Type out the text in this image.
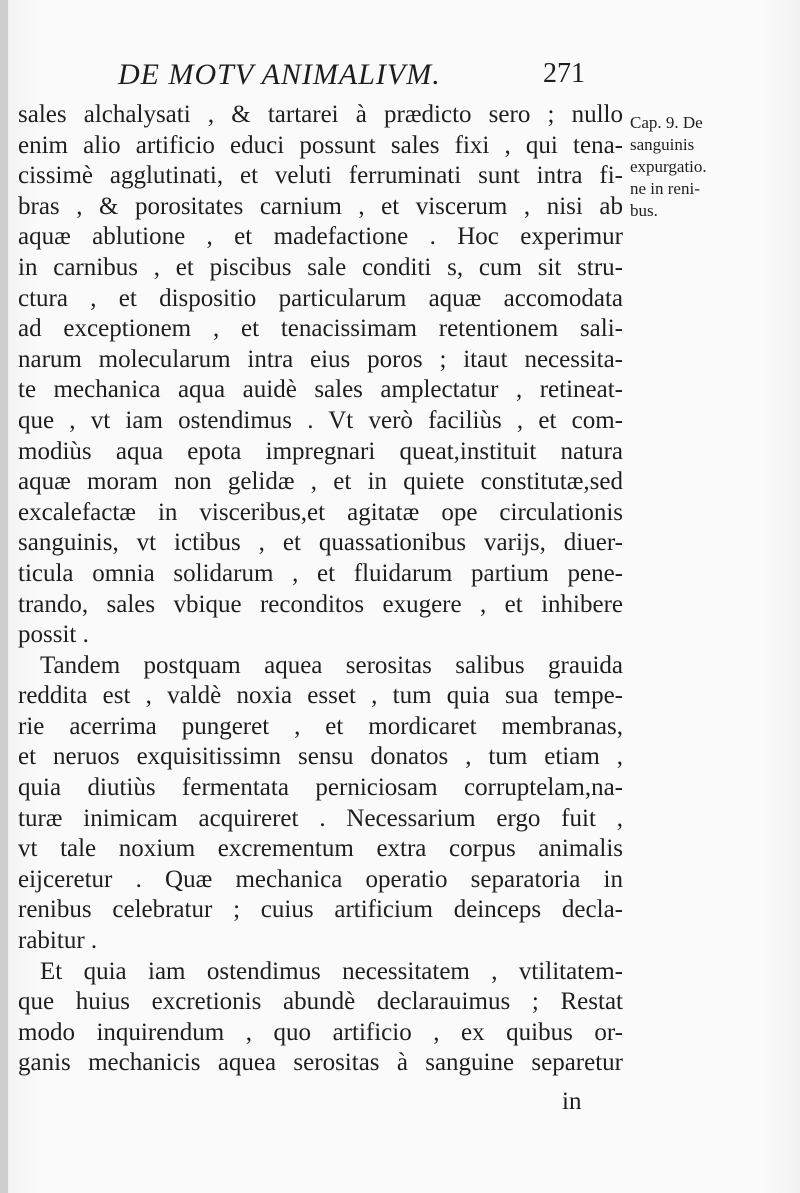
DE MOTV ANIMALIVM.	271
Cap. 9. De
sanguinis
expurgatio.
ne in reni-
bus.
sales alchalysati , & tartarei à prædicto sero ; nullo
enim alio artificio educi possunt sales fixi , qui tena-
cissimè agglutinati, et veluti ferruminati sunt intra fi-
bras , & porositates carnium , et viscerum , nisi ab
aquæ ablutione , et madefactione . Hoc experimur
in carnibus , et piscibus sale conditi s, cum sit stru-
ctura , et dispositio particularum aquæ accomodata
ad exceptionem , et tenacissimam retentionem sali-
narum molecularum intra eius poros ; itaut necessita-
te mechanica aqua auidè sales amplectatur , retineat-
que , vt iam ostendimus . Vt verò faciliùs , et com-
modiùs aqua epota impregnari queat,instituit natura
aquæ moram non gelidæ , et in quiete constitutæ,sed
excalefactæ in visceribus,et agitatæ ope circulationis
sanguinis, vt ictibus , et quassationibus varijs, diuer-
ticula omnia solidarum , et fluidarum partium pene-
trando, sales vbique reconditos exugere , et inhibere
possit .
Tandem postquam aquea serositas salibus grauida
reddita est , valdè noxia esset , tum quia sua tempe-
rie acerrima pungeret , et mordicaret membranas,
et neruos exquisitissimn sensu donatos , tum etiam ,
quia diutiùs fermentata perniciosam corruptelam,na-
turæ inimicam acquireret . Necessarium ergo fuit ,
vt tale noxium excrementum extra corpus animalis
eijceretur . Quæ mechanica operatio separatoria in
renibus celebratur ; cuius artificium deinceps decla-
rabitur .
Et quia iam ostendimus necessitatem , vtilitatem-
que huius excretionis abundè declarauimus ; Restat
modo inquirendum , quo artificio , ex quibus or-
ganis mechanicis aquea serositas à sanguine separetur
in
